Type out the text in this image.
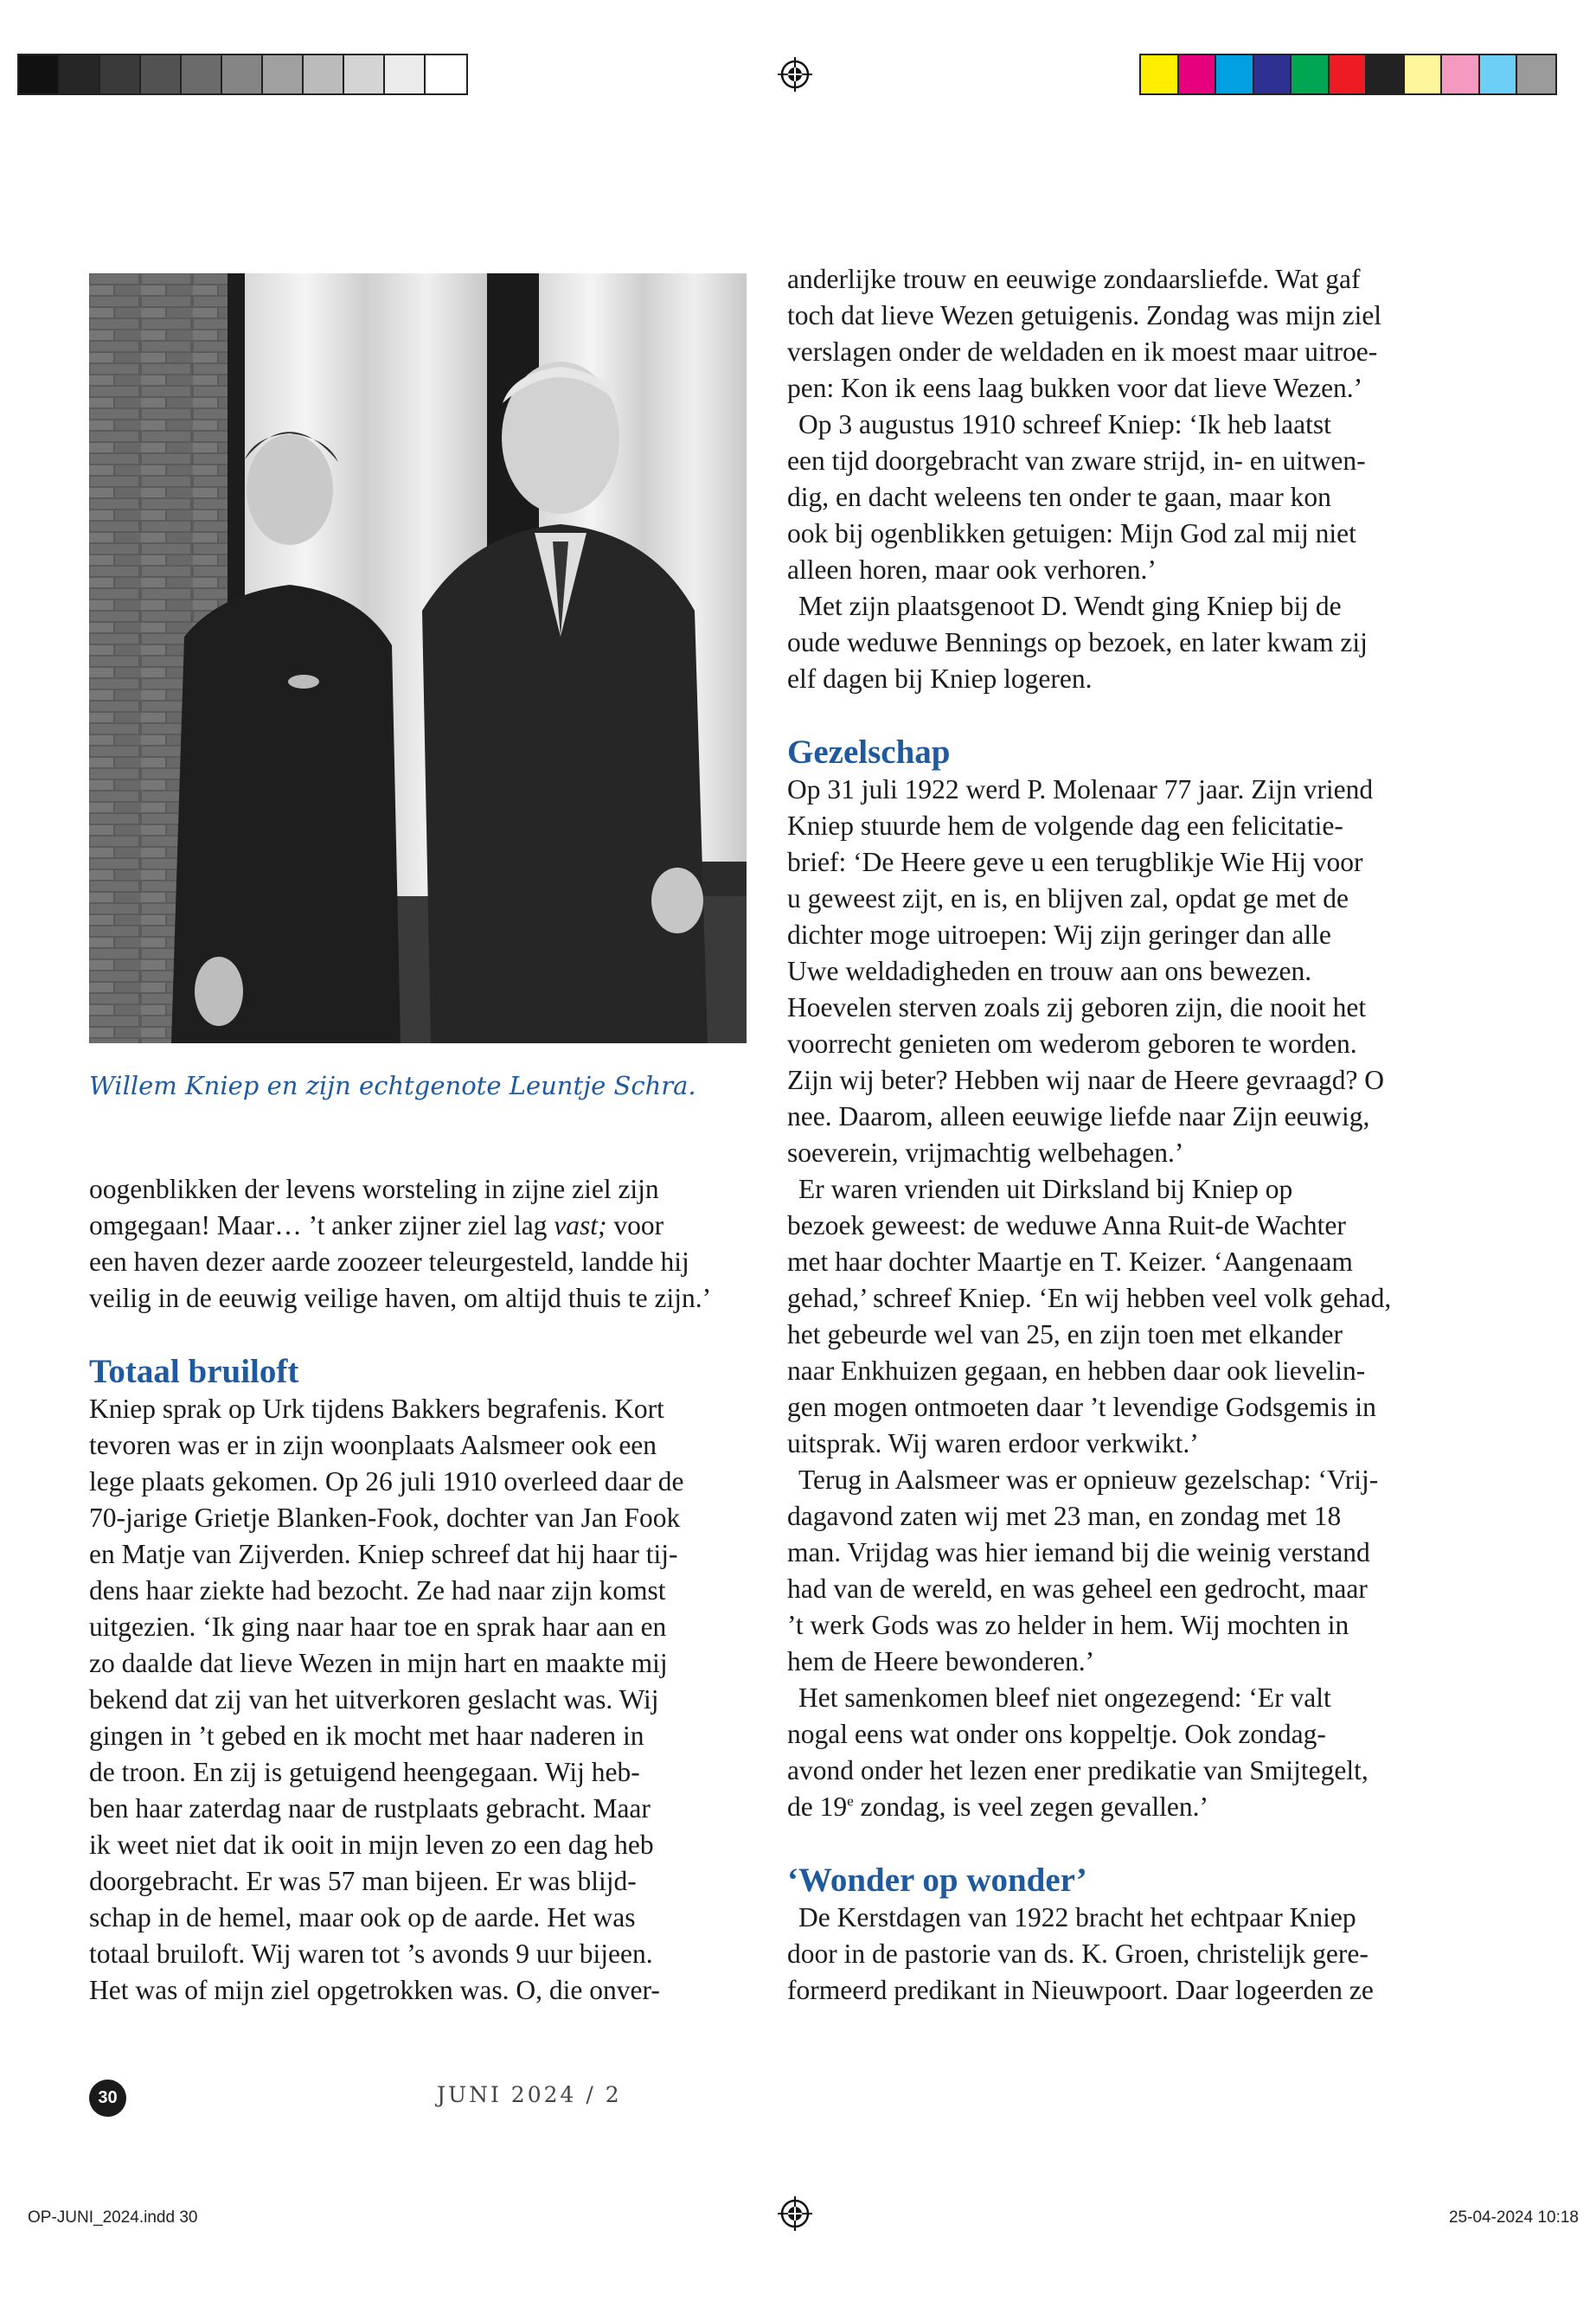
Willem Kniep en zijn echtgenote Leuntje Schra.
oogenblikken der levens worsteling in zijne ziel zijn
omgegaan! Maar… ’t anker zijner ziel lag vast; voor
een haven dezer aarde zoozeer teleurgesteld, landde hij
veilig in de eeuwig veilige haven, om altijd thuis te zijn.’
Totaal bruiloft
Kniep sprak op Urk tijdens Bakkers begrafenis. Kort
tevoren was er in zijn woonplaats Aalsmeer ook een
lege plaats gekomen. Op 26 juli 1910 overleed daar de
70-jarige Grietje Blanken-Fook, dochter van Jan Fook
en Matje van Zijverden. Kniep schreef dat hij haar tij-
dens haar ziekte had bezocht. Ze had naar zijn komst
uitgezien. ‘Ik ging naar haar toe en sprak haar aan en
zo daalde dat lieve Wezen in mijn hart en maakte mij
bekend dat zij van het uitverkoren geslacht was. Wij
gingen in ’t gebed en ik mocht met haar naderen in
de troon. En zij is getuigend heengegaan. Wij heb-
ben haar zaterdag naar de rustplaats gebracht. Maar
ik weet niet dat ik ooit in mijn leven zo een dag heb
doorgebracht. Er was 57 man bijeen. Er was blijd-
schap in de hemel, maar ook op de aarde. Het was
totaal bruiloft. Wij waren tot ’s avonds 9 uur bijeen.
Het was of mijn ziel opgetrokken was. O, die onver-
anderlijke trouw en eeuwige zondaarsliefde. Wat gaf
toch dat lieve Wezen getuigenis. Zondag was mijn ziel
verslagen onder de weldaden en ik moest maar uitroe-
pen: Kon ik eens laag bukken voor dat lieve Wezen.’
Op 3 augustus 1910 schreef Kniep: ‘Ik heb laatst
een tijd doorgebracht van zware strijd, in- en uitwen-
dig, en dacht weleens ten onder te gaan, maar kon
ook bij ogenblikken getuigen: Mijn God zal mij niet
alleen horen, maar ook verhoren.’
Met zijn plaatsgenoot D. Wendt ging Kniep bij de
oude weduwe Bennings op bezoek, en later kwam zij
elf dagen bij Kniep logeren.
Gezelschap
Op 31 juli 1922 werd P. Molenaar 77 jaar. Zijn vriend
Kniep stuurde hem de volgende dag een felicitatie-
brief: ‘De Heere geve u een terugblikje Wie Hij voor
u geweest zijt, en is, en blijven zal, opdat ge met de
dichter moge uitroepen: Wij zijn geringer dan alle
Uwe weldadigheden en trouw aan ons bewezen.
Hoevelen sterven zoals zij geboren zijn, die nooit het
voorrecht genieten om wederom geboren te worden.
Zijn wij beter? Hebben wij naar de Heere gevraagd? O
nee. Daarom, alleen eeuwige liefde naar Zijn eeuwig,
soeverein, vrijmachtig welbehagen.’
Er waren vrienden uit Dirksland bij Kniep op
bezoek geweest: de weduwe Anna Ruit-de Wachter
met haar dochter Maartje en T. Keizer. ‘Aangenaam
gehad,’ schreef Kniep. ‘En wij hebben veel volk gehad,
het gebeurde wel van 25, en zijn toen met elkander
naar Enkhuizen gegaan, en hebben daar ook lievelin-
gen mogen ontmoeten daar ’t levendige Godsgemis in
uitsprak. Wij waren erdoor verkwikt.’
Terug in Aalsmeer was er opnieuw gezelschap: ‘Vrij-
dagavond zaten wij met 23 man, en zondag met 18
man. Vrijdag was hier iemand bij die weinig verstand
had van de wereld, en was geheel een gedrocht, maar
’t werk Gods was zo helder in hem. Wij mochten in
hem de Heere bewonderen.’
Het samenkomen bleef niet ongezegend: ‘Er valt
nogal eens wat onder ons koppeltje. Ook zondag-
avond onder het lezen ener predikatie van Smijtegelt,
de 19e zondag, is veel zegen gevallen.’
‘Wonder op wonder’
De Kerstdagen van 1922 bracht het echtpaar Kniep
door in de pastorie van ds. K. Groen, christelijk gere-
formeerd predikant in Nieuwpoort. Daar logeerden ze
30	JUNI 2024 / 2
OP-JUNI_2024.indd 30	25-04-2024 10:18
